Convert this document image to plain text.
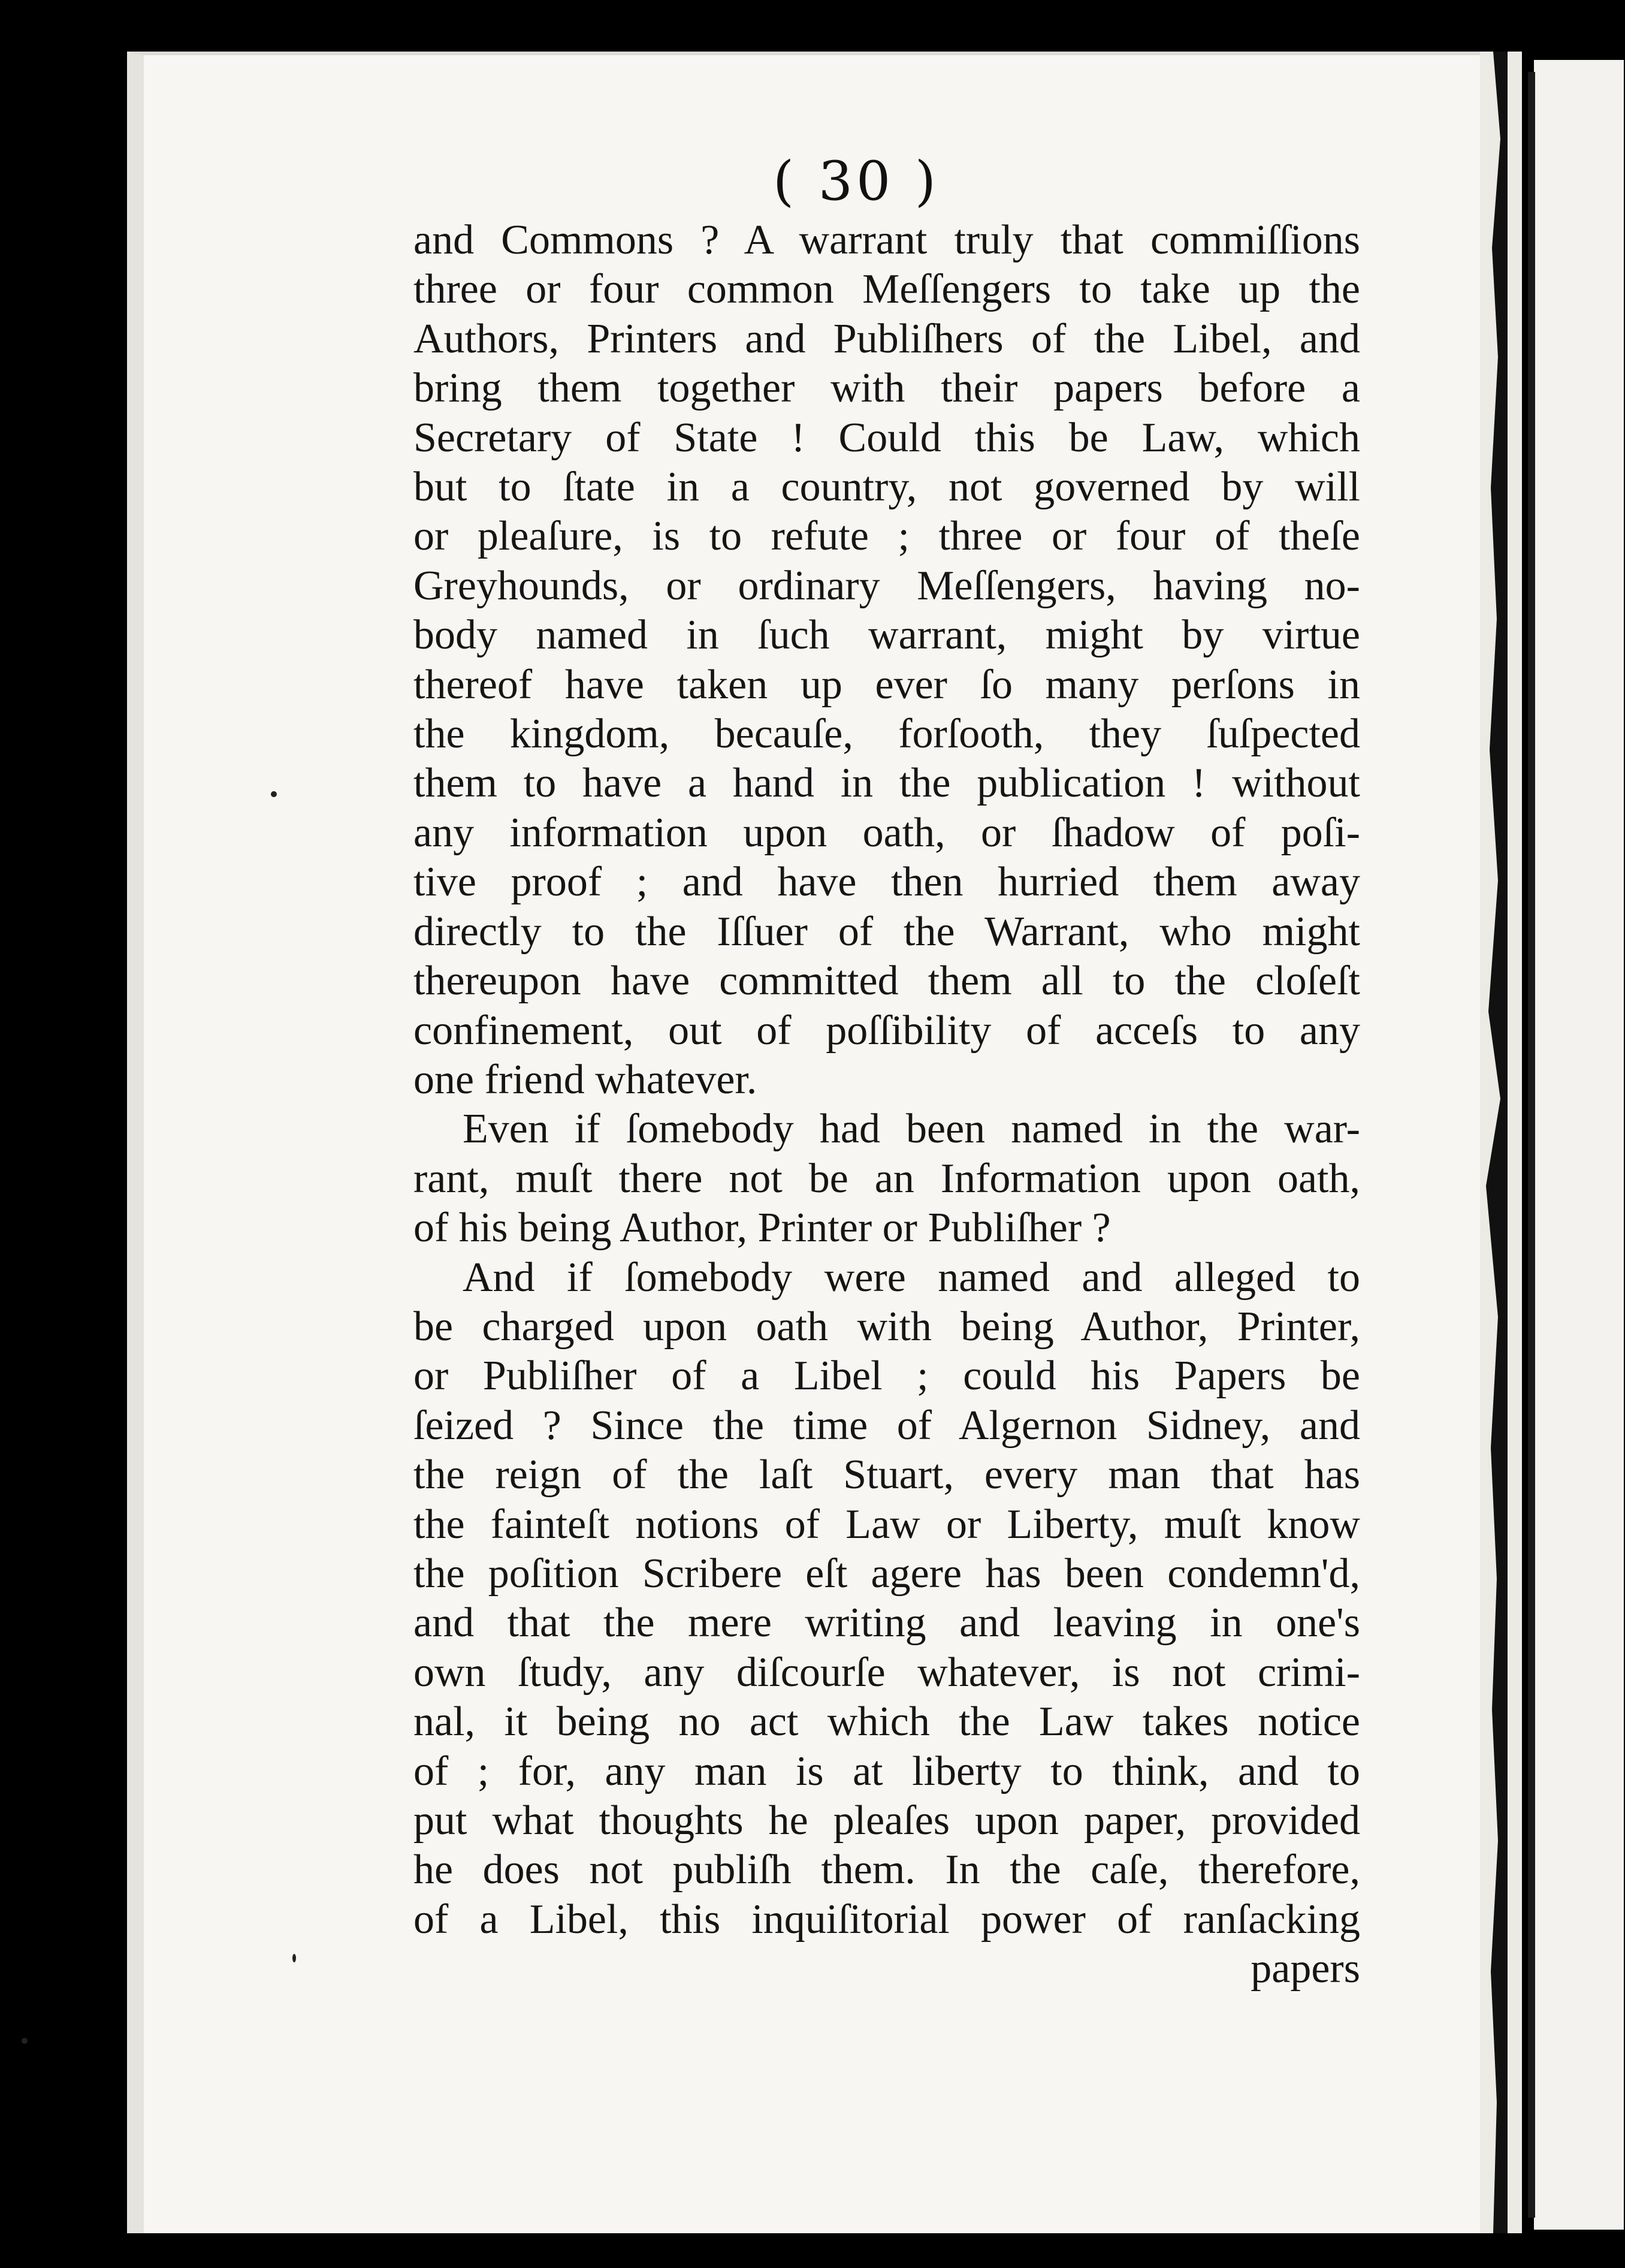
( 30 )
and Commons ? A warrant truly that commiſſions
three or four common Meſſengers to take up the
Authors, Printers and Publiſhers of the Libel, and
bring them together with their papers before a
Secretary of State ! Could this be Law, which
but to ſtate in a country, not governed by will
or pleaſure, is to refute ; three or four of theſe
Greyhounds, or ordinary Meſſengers, having no-
body named in ſuch warrant, might by virtue
thereof have taken up ever ſo many perſons in
the kingdom, becauſe, forſooth, they ſuſpected
them to have a hand in the publication ! without
any information upon oath, or ſhadow of poſi-
tive proof ; and have then hurried them away
directly to the Iſſuer of the Warrant, who might
thereupon have committed them all to the cloſeſt
confinement, out of poſſibility of acceſs to any
one friend whatever.
Even if ſomebody had been named in the war-
rant, muſt there not be an Information upon oath,
of his being Author, Printer or Publiſher ?
And if ſomebody were named and alleged to
be charged upon oath with being Author, Printer,
or Publiſher of a Libel ; could his Papers be
ſeized ? Since the time of Algernon Sidney, and
the reign of the laſt Stuart, every man that has
the fainteſt notions of Law or Liberty, muſt know
the poſition Scribere eſt agere has been condemn'd,
and that the mere writing and leaving in one's
own ſtudy, any diſcourſe whatever, is not crimi-
nal, it being no act which the Law takes notice
of ; for, any man is at liberty to think, and to
put what thoughts he pleaſes upon paper, provided
he does not publiſh them. In the caſe, therefore,
of a Libel, this inquiſitorial power of ranſacking
papers
